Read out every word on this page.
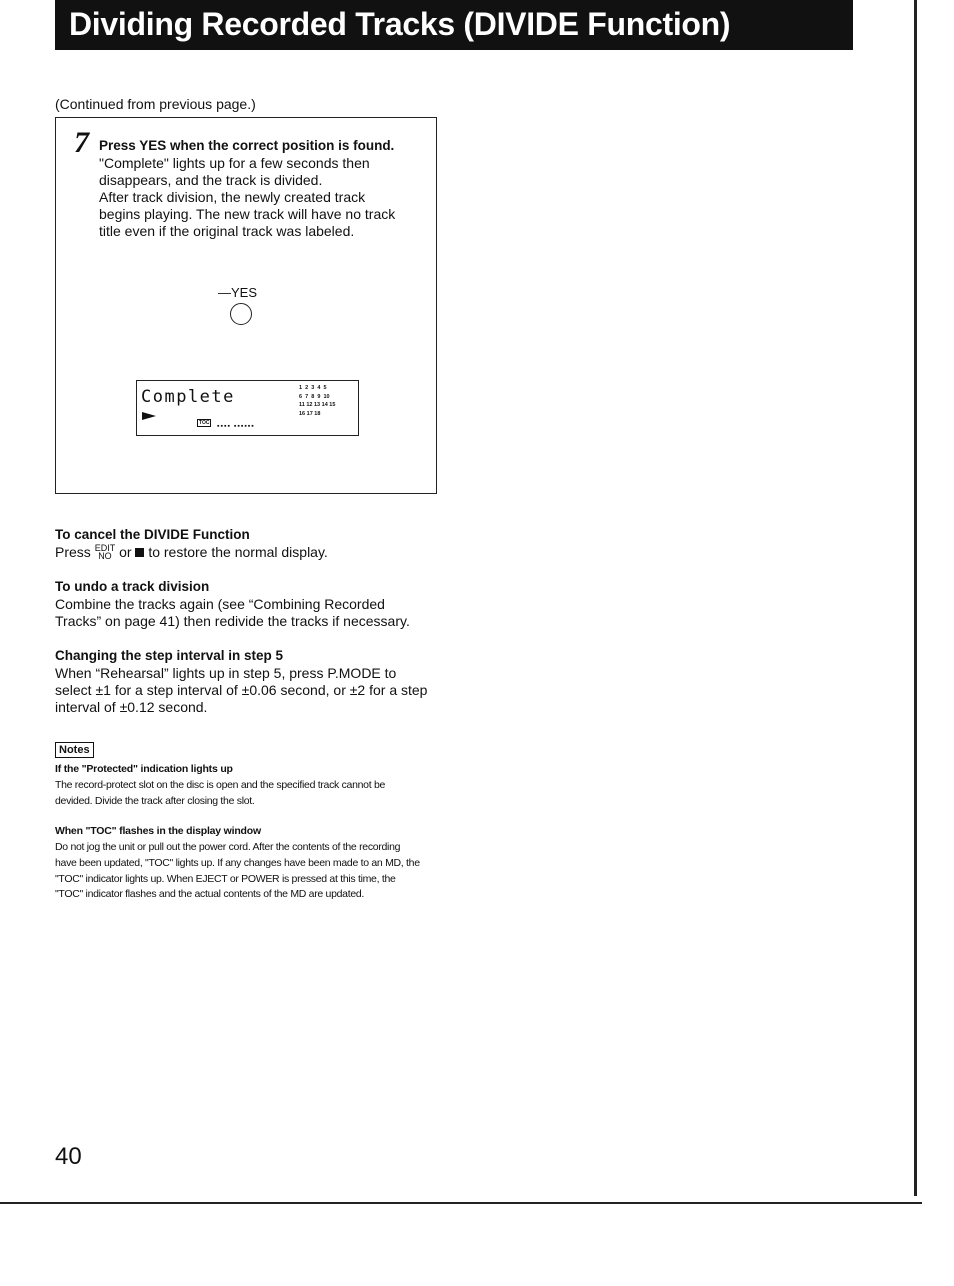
Dividing Recorded Tracks (DIVIDE Function)
(Continued from previous page.)
7 Press YES when the correct position is found.

"Complete" lights up for a few seconds then

disappears, and the track is divided.

After track division, the newly created track

begins playing. The new track will have no track

title even if the original track was labeled.

—YES
Complete
TOC ▪▪▪▪ ▪▪▪▪▪▪
1  2  3  4  5
6  7  8  9  10
11 12 13 14 15
16 17 18
To cancel the DIVIDE Function
Press EDIT
NO or to restore the normal display.
To undo a track division

Combine the tracks again (see “Combining Recorded

Tracks” on page 41) then redivide the tracks if necessary.

Changing the step interval in step 5

When “Rehearsal” lights up in step 5, press P.MODE to

select ±1 for a step interval of ±0.06 second, or ±2 for a step

interval of ±0.12 second.

Notes
If the "Protected" indication lights up

The record-protect slot on the disc is open and the specified track cannot be

devided. Divide the track after closing the slot.

When "TOC" flashes in the display window

Do not jog the unit or pull out the power cord. After the contents of the recording

have been updated, "TOC" lights up. If any changes have been made to an MD, the

"TOC" indicator lights up. When EJECT or POWER is pressed at this time, the

"TOC" indicator flashes and the actual contents of the MD are updated.

40
